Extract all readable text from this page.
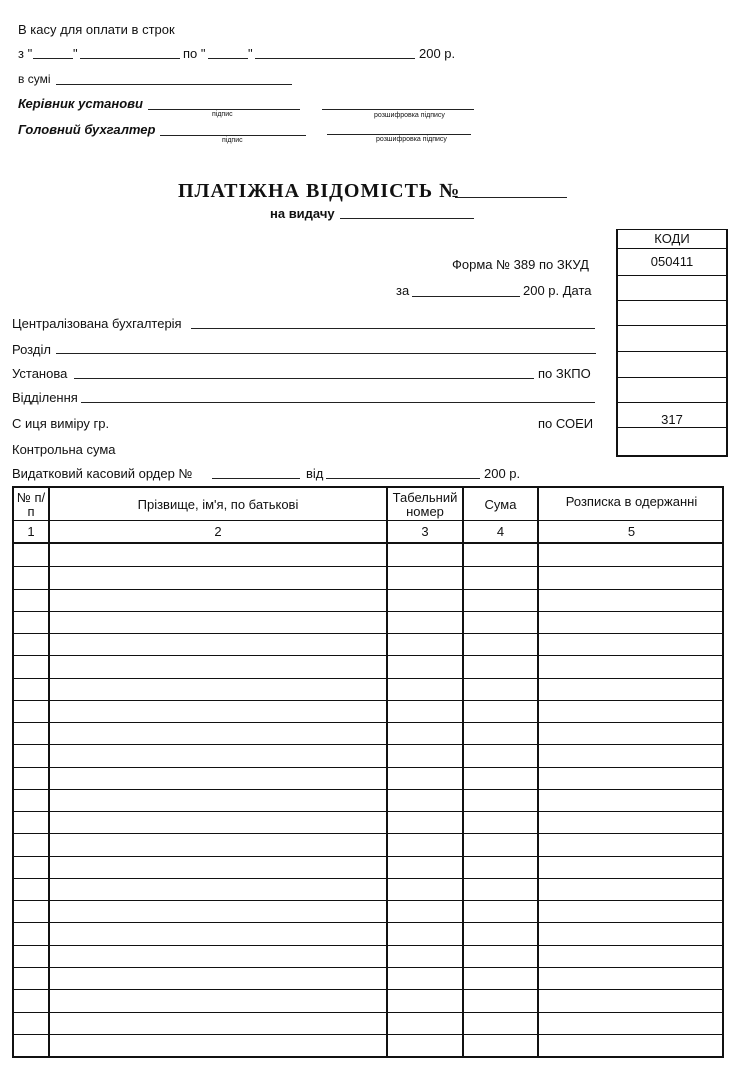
В касу для оплати в строк
з "	"	по "	"	200 р.
в сумі
Керівник установи
підпис	розшифровка підпису
Головний бухгалтер
підпис	розшифровка підпису
ПЛАТІЖНА ВІДОМІСТЬ №
на видачу
КОДИ
050411
317
Форма № 389 по ЗКУД
за	200 р. Дата
Централізована бухгалтерія
Розділ
Установа	по ЗКПО
Відділення
С иця виміру гр.	по СОЕИ
Контрольна сума
Видатковий касовий ордер №	від	200 р.
№ п/п	Прізвище, ім'я, по батькові	Табельний номер	Сума	Розписка в одержанні
1	2	3	4	5
